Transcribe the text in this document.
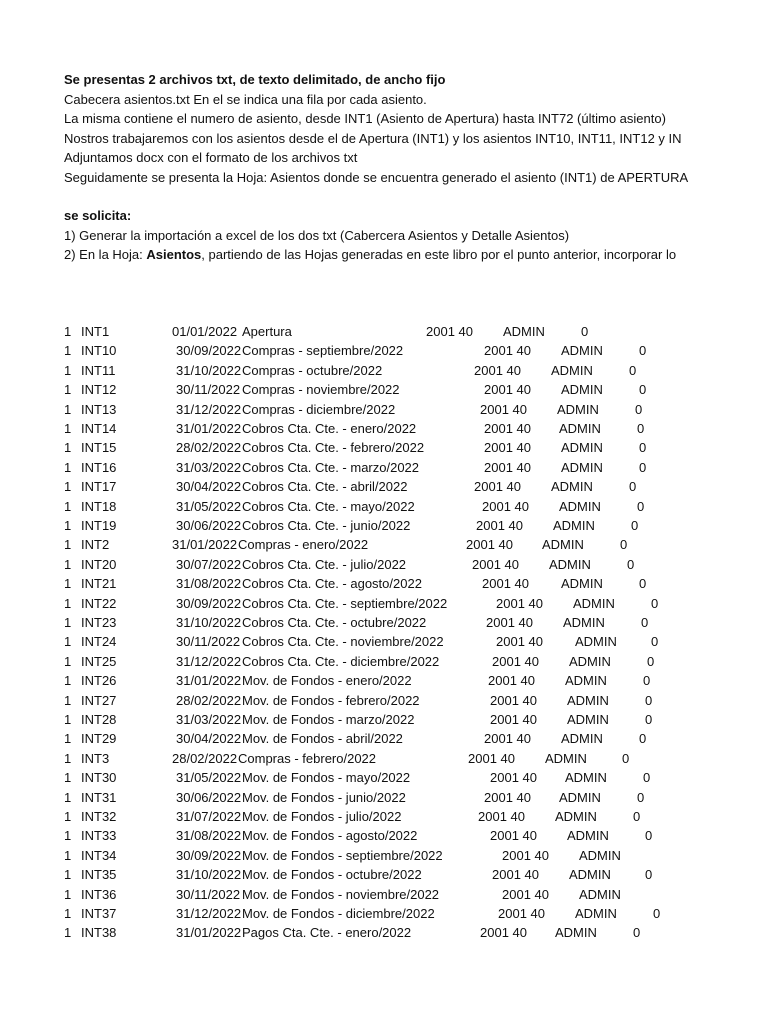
Se presentas 2 archivos txt, de texto delimitado, de ancho fijo
Cabecera asientos.txt En el se indica una fila por cada asiento.
La misma contiene el numero de asiento, desde INT1 (Asiento de Apertura) hasta INT72 (último asiento)
Nostros trabajaremos con los asientos desde el de Apertura (INT1) y los asientos INT10, INT11, INT12 y IN
Adjuntamos docx con el formato de los archivos txt
Seguidamente se presenta la Hoja: Asientos donde se encuentra generado el asiento (INT1) de APERTURA
se solicita:
1) Generar la importación a excel de los dos txt (Cabercera Asientos y Detalle Asientos)
2) En la Hoja: Asientos, partiendo de las Hojas generadas en este libro por el punto anterior, incorporar lo
1 INT1	01/01/2022 Apertura	2001 40 ADMIN	0
1 INT10	30/09/2022 Compras - septiembre/2022	2001 40 ADMIN	0
1 INT11	31/10/2022 Compras - octubre/2022	2001 40 ADMIN	0
1 INT12	30/11/2022 Compras - noviembre/2022	2001 40 ADMIN	0
1 INT13	31/12/2022 Compras - diciembre/2022	2001 40 ADMIN	0
1 INT14	31/01/2022 Cobros Cta. Cte. - enero/2022	2001 40 ADMIN	0
1 INT15	28/02/2022 Cobros Cta. Cte. - febrero/2022	2001 40 ADMIN	0
1 INT16	31/03/2022 Cobros Cta. Cte. - marzo/2022	2001 40 ADMIN	0
1 INT17	30/04/2022 Cobros Cta. Cte. - abril/2022	2001 40 ADMIN	0
1 INT18	31/05/2022 Cobros Cta. Cte. - mayo/2022	2001 40 ADMIN	0
1 INT19	30/06/2022 Cobros Cta. Cte. - junio/2022	2001 40 ADMIN	0
1 INT2	31/01/2022 Compras - enero/2022	2001 40 ADMIN	0
1 INT20	30/07/2022 Cobros Cta. Cte. - julio/2022	2001 40 ADMIN	0
1 INT21	31/08/2022 Cobros Cta. Cte. - agosto/2022	2001 40 ADMIN	0
1 INT22	30/09/2022 Cobros Cta. Cte. - septiembre/2022	2001 40 ADMIN	0
1 INT23	31/10/2022 Cobros Cta. Cte. - octubre/2022	2001 40 ADMIN	0
1 INT24	30/11/2022 Cobros Cta. Cte. - noviembre/2022	2001 40 ADMIN	0
1 INT25	31/12/2022 Cobros Cta. Cte. - diciembre/2022	2001 40 ADMIN	0
1 INT26	31/01/2022 Mov. de Fondos - enero/2022	2001 40 ADMIN	0
1 INT27	28/02/2022 Mov. de Fondos - febrero/2022	2001 40 ADMIN	0
1 INT28	31/03/2022 Mov. de Fondos - marzo/2022	2001 40 ADMIN	0
1 INT29	30/04/2022 Mov. de Fondos - abril/2022	2001 40 ADMIN	0
1 INT3	28/02/2022 Compras - febrero/2022	2001 40 ADMIN	0
1 INT30	31/05/2022 Mov. de Fondos - mayo/2022	2001 40 ADMIN	0
1 INT31	30/06/2022 Mov. de Fondos - junio/2022	2001 40 ADMIN	0
1 INT32	31/07/2022 Mov. de Fondos - julio/2022	2001 40 ADMIN	0
1 INT33	31/08/2022 Mov. de Fondos - agosto/2022	2001 40 ADMIN	0
1 INT34	30/09/2022 Mov. de Fondos - septiembre/2022	2001 40 ADMIN
1 INT35	31/10/2022 Mov. de Fondos - octubre/2022	2001 40 ADMIN	0
1 INT36	30/11/2022 Mov. de Fondos - noviembre/2022	2001 40 ADMIN
1 INT37	31/12/2022 Mov. de Fondos - diciembre/2022	2001 40 ADMIN	0
1 INT38	31/01/2022 Pagos Cta. Cte. - enero/2022	2001 40 ADMIN	0
